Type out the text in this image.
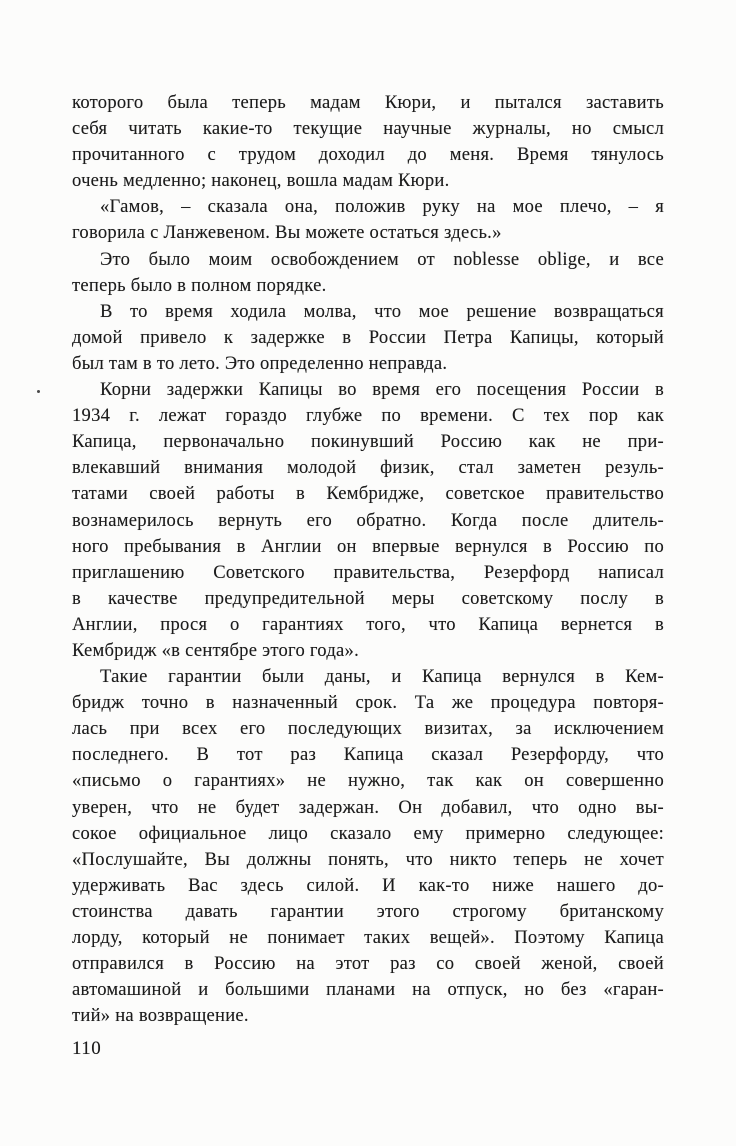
которого была теперь мадам Кюри, и пытался заставить
себя читать какие-то текущие научные журналы, но смысл
прочитанного с трудом доходил до меня. Время тянулось
очень медленно; наконец, вошла мадам Кюри.
«Гамов, – сказала она, положив руку на мое плечо, – я
говорила с Ланжевеном. Вы можете остаться здесь.»
Это было моим освобождением от noblesse oblige, и все
теперь было в полном порядке.
В то время ходила молва, что мое решение возвращаться
домой привело к задержке в России Петра Капицы, который
был там в то лето. Это определенно неправда.
Корни задержки Капицы во время его посещения России в
1934 г. лежат гораздо глубже по времени. С тех пор как
Капица, первоначально покинувший Россию как не при-
влекавший внимания молодой физик, стал заметен резуль-
татами своей работы в Кембридже, советское правительство
вознамерилось вернуть его обратно. Когда после длитель-
ного пребывания в Англии он впервые вернулся в Россию по
приглашению Советского правительства, Резерфорд написал
в качестве предупредительной меры советскому послу в
Англии, прося о гарантиях того, что Капица вернется в
Кембридж «в сентябре этого года».
Такие гарантии были даны, и Капица вернулся в Кем-
бридж точно в назначенный срок. Та же процедура повторя-
лась при всех его последующих визитах, за исключением
последнего. В тот раз Капица сказал Резерфорду, что
«письмо о гарантиях» не нужно, так как он совершенно
уверен, что не будет задержан. Он добавил, что одно вы-
сокое официальное лицо сказало ему примерно следующее:
«Послушайте, Вы должны понять, что никто теперь не хочет
удерживать Вас здесь силой. И как-то ниже нашего до-
стоинства давать гарантии этого строгому британскому
лорду, который не понимает таких вещей». Поэтому Капица
отправился в Россию на этот раз со своей женой, своей
автомашиной и большими планами на отпуск, но без «гаран-
тий» на возвращение.
110
